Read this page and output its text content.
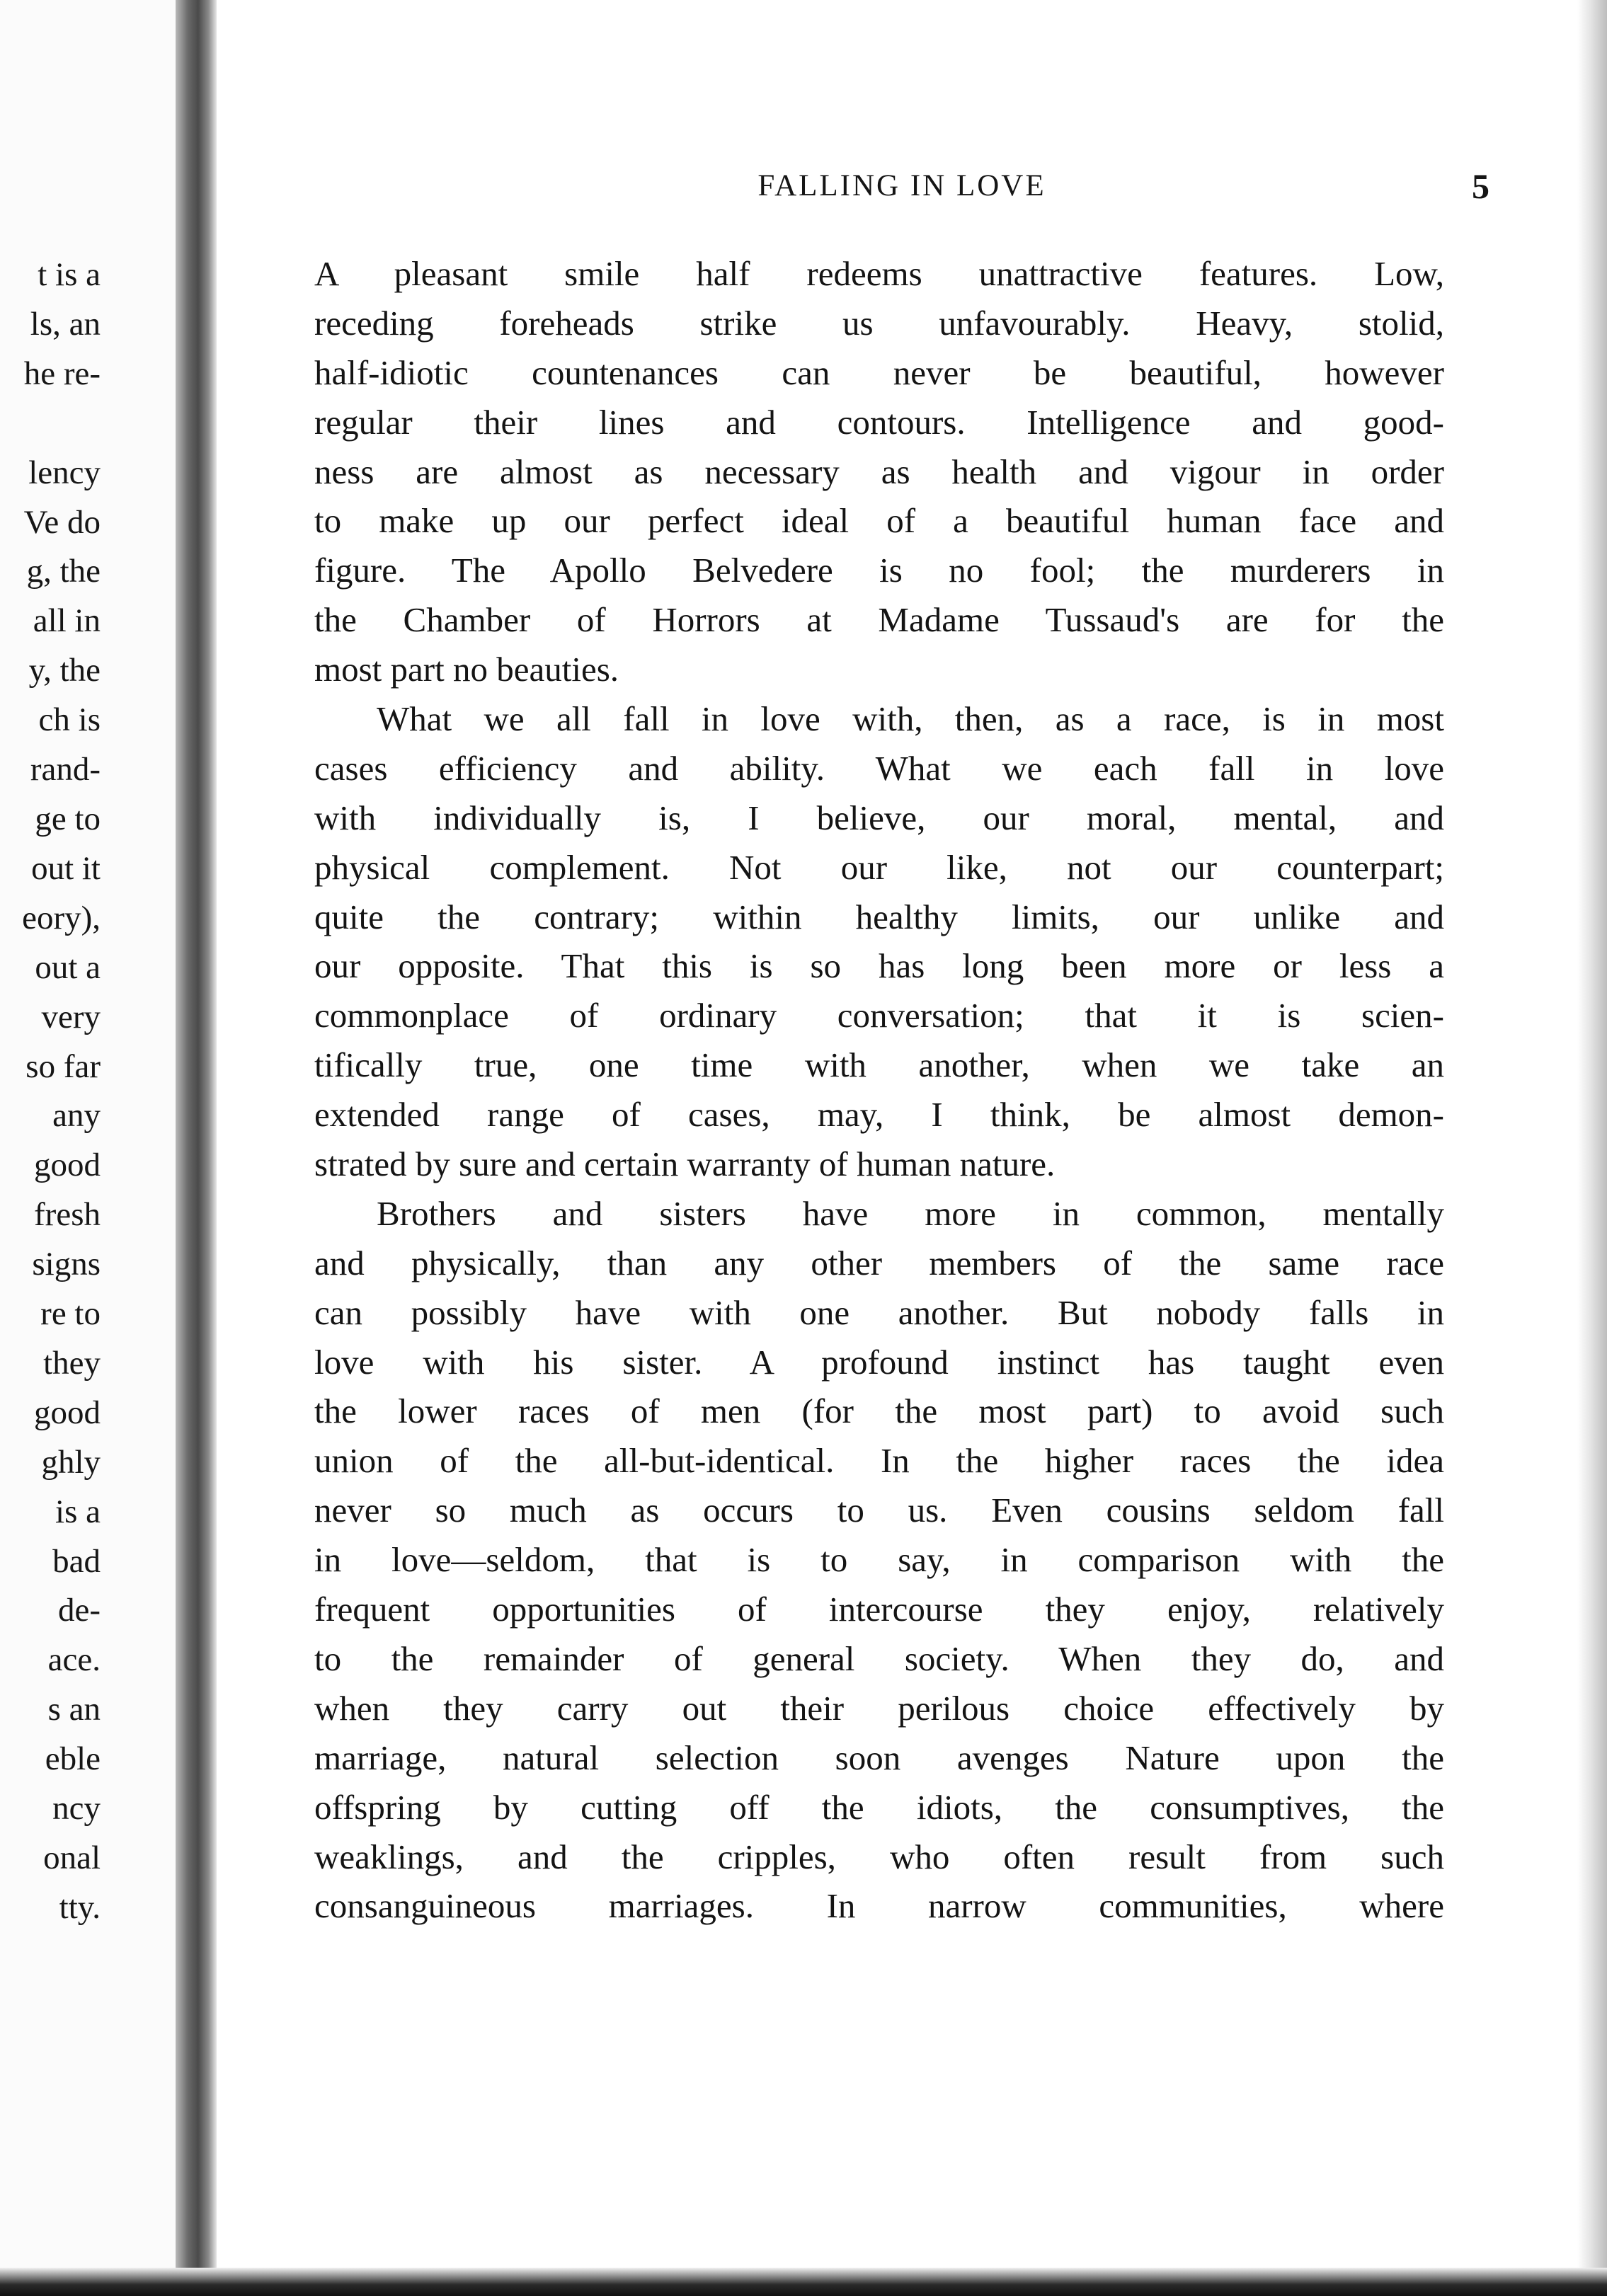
t is a
ls, an
he re-

lency
Ve do
g, the
all in
y, the
ch is
rand-
ge to
out it
eory),
out a
very
so far
any
good
fresh
signs
re to
they
good
ghly
is a
bad
de-
ace.
s an
eble
ncy
onal
tty.
FALLING IN LOVE	5
A pleasant smile half redeems unattractive features. Low,
receding foreheads strike us unfavourably. Heavy, stolid,
half-idiotic countenances can never be beautiful, however
regular their lines and contours. Intelligence and good-
ness are almost as necessary as health and vigour in order
to make up our perfect ideal of a beautiful human face and
figure. The Apollo Belvedere is no fool; the murderers in
the Chamber of Horrors at Madame Tussaud's are for the
most part no beauties.
What we all fall in love with, then, as a race, is in most
cases efficiency and ability. What we each fall in love
with individually is, I believe, our moral, mental, and
physical complement. Not our like, not our counterpart;
quite the contrary; within healthy limits, our unlike and
our opposite. That this is so has long been more or less a
commonplace of ordinary conversation; that it is scien-
tifically true, one time with another, when we take an
extended range of cases, may, I think, be almost demon-
strated by sure and certain warranty of human nature.
Brothers and sisters have more in common, mentally
and physically, than any other members of the same race
can possibly have with one another. But nobody falls in
love with his sister. A profound instinct has taught even
the lower races of men (for the most part) to avoid such
union of the all-but-identical. In the higher races the idea
never so much as occurs to us. Even cousins seldom fall
in love—seldom, that is to say, in comparison with the
frequent opportunities of intercourse they enjoy, relatively
to the remainder of general society. When they do, and
when they carry out their perilous choice effectively by
marriage, natural selection soon avenges Nature upon the
offspring by cutting off the idiots, the consumptives, the
weaklings, and the cripples, who often result from such
consanguineous marriages. In narrow communities, where
